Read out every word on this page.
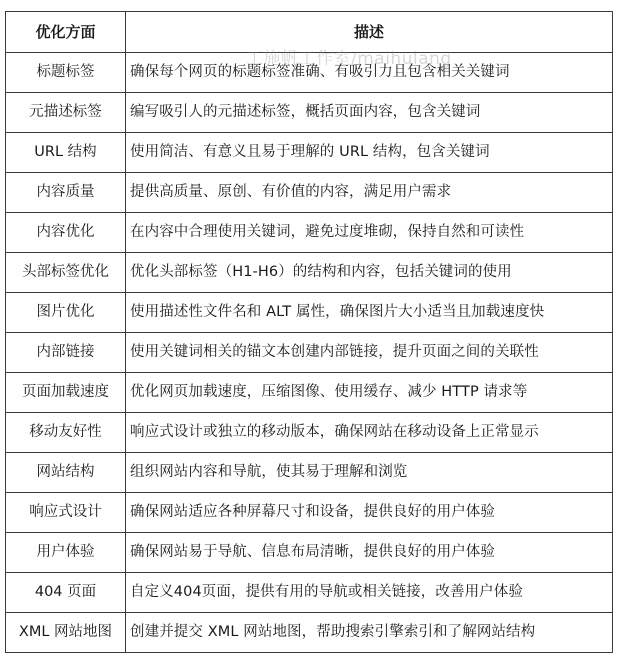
优化方面	描述
标题标签	确保每个网页的标题标签准确、有吸引力且包含相关关键词
元描述标签	编写吸引人的元描述标签，概括页面内容，包含关键词
URL 结构	使用简洁、有意义且易于理解的 URL 结构，包含关键词
内容质量	提供高质量、原创、有价值的内容，满足用户需求
内容优化	在内容中合理使用关键词，避免过度堆砌，保持自然和可读性
头部标签优化	优化头部标签（H1-H6）的结构和内容，包括关键词的使用
图片优化	使用描述性文件名和 ALT 属性，确保图片大小适当且加载速度快
内部链接	使用关键词相关的锚文本创建内部链接，提升页面之间的关联性
页面加载速度	优化网页加载速度，压缩图像、使用缓存、减少 HTTP 请求等
移动友好性	响应式设计或独立的移动版本，确保网站在移动设备上正常显示
网站结构	组织网站内容和导航，使其易于理解和浏览
响应式设计	确保网站适应各种屏幕尺寸和设备，提供良好的用户体验
用户体验	确保网站易于导航、信息布局清晰，提供良好的用户体验
404 页面	自定义404页面，提供有用的导航或相关链接，改善用户体验
XML 网站地图	创建并提交 XML 网站地图，帮助搜索引擎索引和了解网站结构
工施帆工作室/maihulang
